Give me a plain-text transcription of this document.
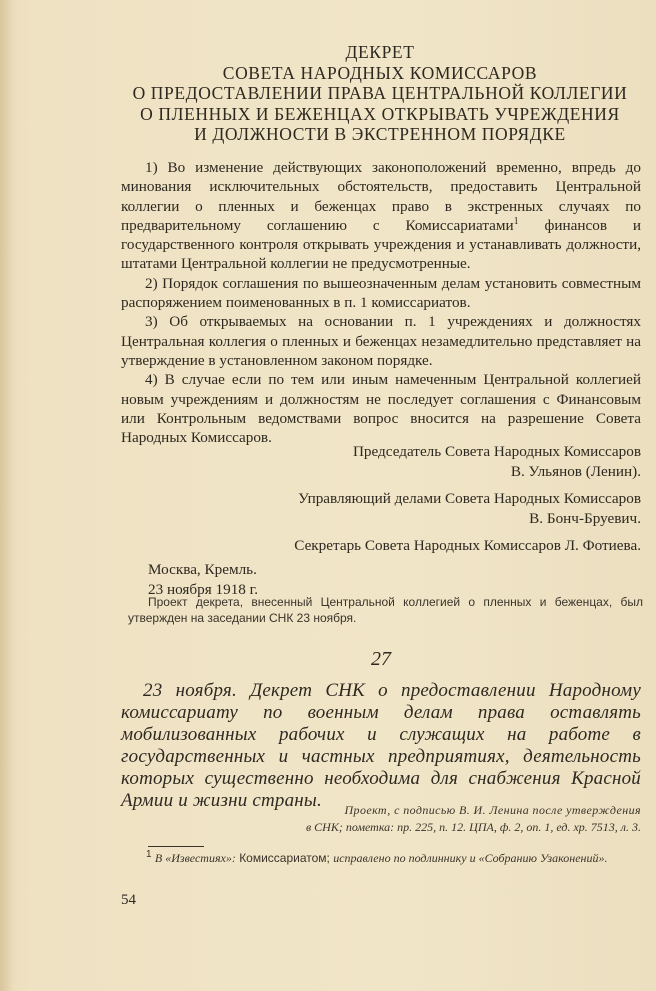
ДЕКРЕТ
СОВЕТА НАРОДНЫХ КОМИССАРОВ
О ПРЕДОСТАВЛЕНИИ ПРАВА ЦЕНТРАЛЬНОЙ КОЛЛЕГИИ
О ПЛЕННЫХ И БЕЖЕНЦАХ ОТКРЫВАТЬ УЧРЕЖДЕНИЯ
И ДОЛЖНОСТИ В ЭКСТРЕННОМ ПОРЯДКЕ

1) Во изменение действующих законоположений временно, впредь до минования исключительных обстоятельств, предоставить Центральной коллегии о пленных и беженцах право в экстренных случаях по предварительному соглашению с Комиссариатами$^1$ финансов и государственного контроля открывать учреждения и устанавливать должности, штатами Центральной коллегии не предусмотренные.

2) Порядок соглашения по вышеозначенным делам установить совместным распоряжением поименованных в п. 1 комиссариатов.

3) Об открываемых на основании п. 1 учреждениях и должностях Центральная коллегия о пленных и беженцах незамедлительно представляет на утверждение в установленном законом порядке.

4) В случае если по тем или иным намеченным Центральной коллегией новым учреждениям и должностям не последует соглашения с Финансовым или Контрольным ведомствами вопрос вносится на разрешение Совета Народных Комиссаров.

Председатель Совета Народных Комиссаров
В. Ульянов (Ленин).
Управляющий делами Совета Народных Комиссаров
В. Бонч-Бруевич.
Секретарь Совета Народных Комиссаров Л. Фотиева.
Москва, Кремль.
23 ноября 1918 г.
Проект декрета, внесенный Центральной коллегией о пленных и беженцах, был утвержден на заседании СНК 23 ноября.
27
23 ноября. Декрет СНК о предоставлении Народному комиссариату по военным делам права оставлять мобилизованных рабочих и служащих на работе в государственных и частных предприятиях, деятельность которых существенно необходима для снабжения Красной Армии и жизни страны.	Проект, с подписью В. И. Ленина после утверждения
в СНК; пометка: пр. 225, п. 12. ЦПА, ф. 2, оп. 1, ед. хр. 7513, л. 3.
$^1$ В «Известиях»: Комиссариатом; исправлено по подлиннику и «Собранию Узаконений».
54
